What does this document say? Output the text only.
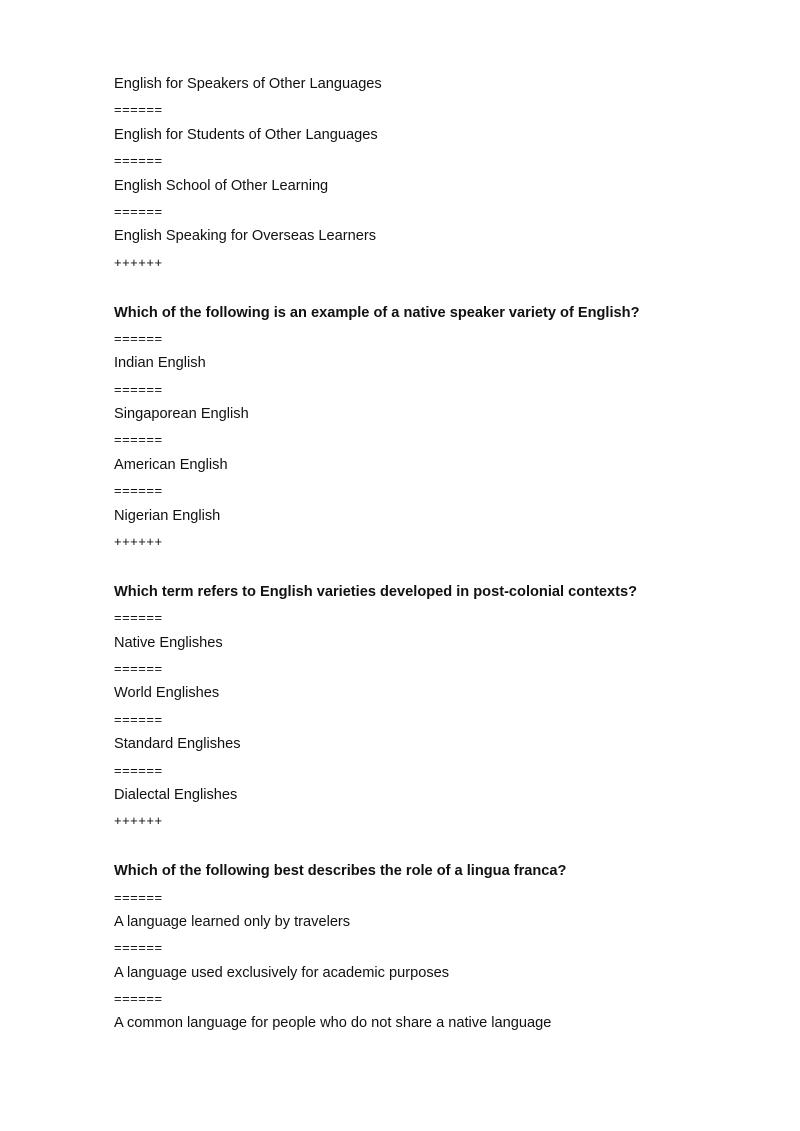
English for Speakers of Other Languages
======
English for Students of Other Languages
======
English School of Other Learning
======
English Speaking for Overseas Learners
++++++
Which of the following is an example of a native speaker variety of English?
======
Indian English
======
Singaporean English
======
American English
======
Nigerian English
++++++
Which term refers to English varieties developed in post-colonial contexts?
======
Native Englishes
======
World Englishes
======
Standard Englishes
======
Dialectal Englishes
++++++
Which of the following best describes the role of a lingua franca?
======
A language learned only by travelers
======
A language used exclusively for academic purposes
======
A common language for people who do not share a native language
